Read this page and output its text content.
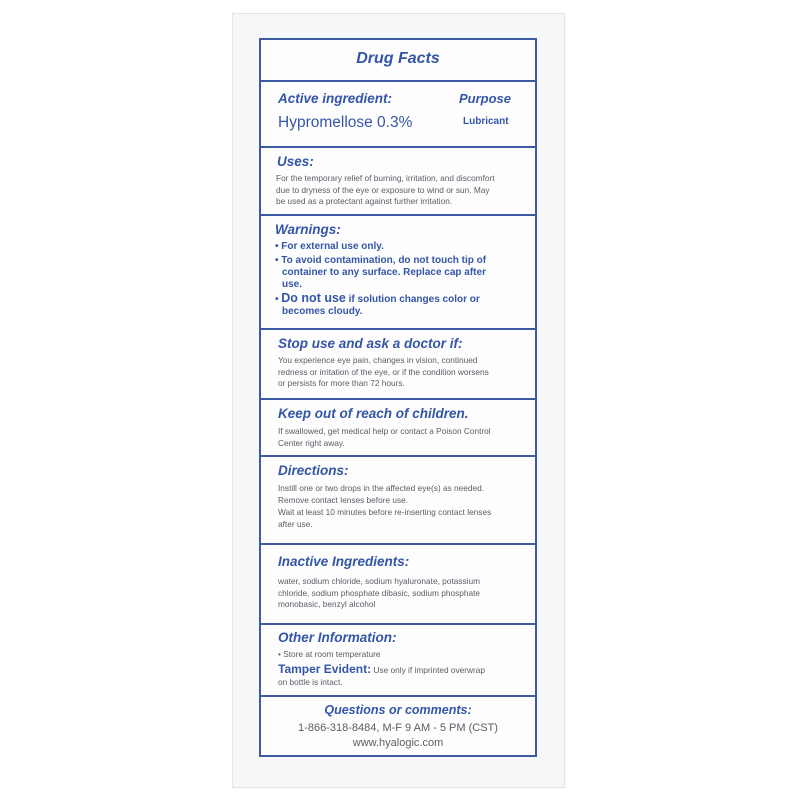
Drug Facts
Active ingredient:	Purpose
Hypromellose 0.3%	Lubricant
Uses:
For the temporary relief of burning, irritation, and discomfort
due to dryness of the eye or exposure to wind or sun. May
be used as a protectant against further irritation.
Warnings:
• For external use only.
• To avoid contamination, do not touch tip of
container to any surface. Replace cap after
use.
• Do not use if solution changes color or
becomes cloudy.
Stop use and ask a doctor if:
You experience eye pain, changes in vision, continued
redness or irritation of the eye, or if the condition worsens
or persists for more than 72 hours.
Keep out of reach of children.
If swallowed, get medical help or contact a Poison Control
Center right away.
Directions:
Instill one or two drops in the affected eye(s) as needed.
Remove contact lenses before use.
Wait at least 10 minutes before re-inserting contact lenses
after use.
Inactive Ingredients:
water, sodium chloride, sodium hyaluronate, potassium
chloride, sodium phosphate dibasic, sodium phosphate
monobasic, benzyl alcohol
Other Information:
• Store at room temperature
Tamper Evident: Use only if imprinted overwrap
on bottle is intact.
Questions or comments:
1-866-318-8484, M-F 9 AM - 5 PM (CST)
www.hyalogic.com
